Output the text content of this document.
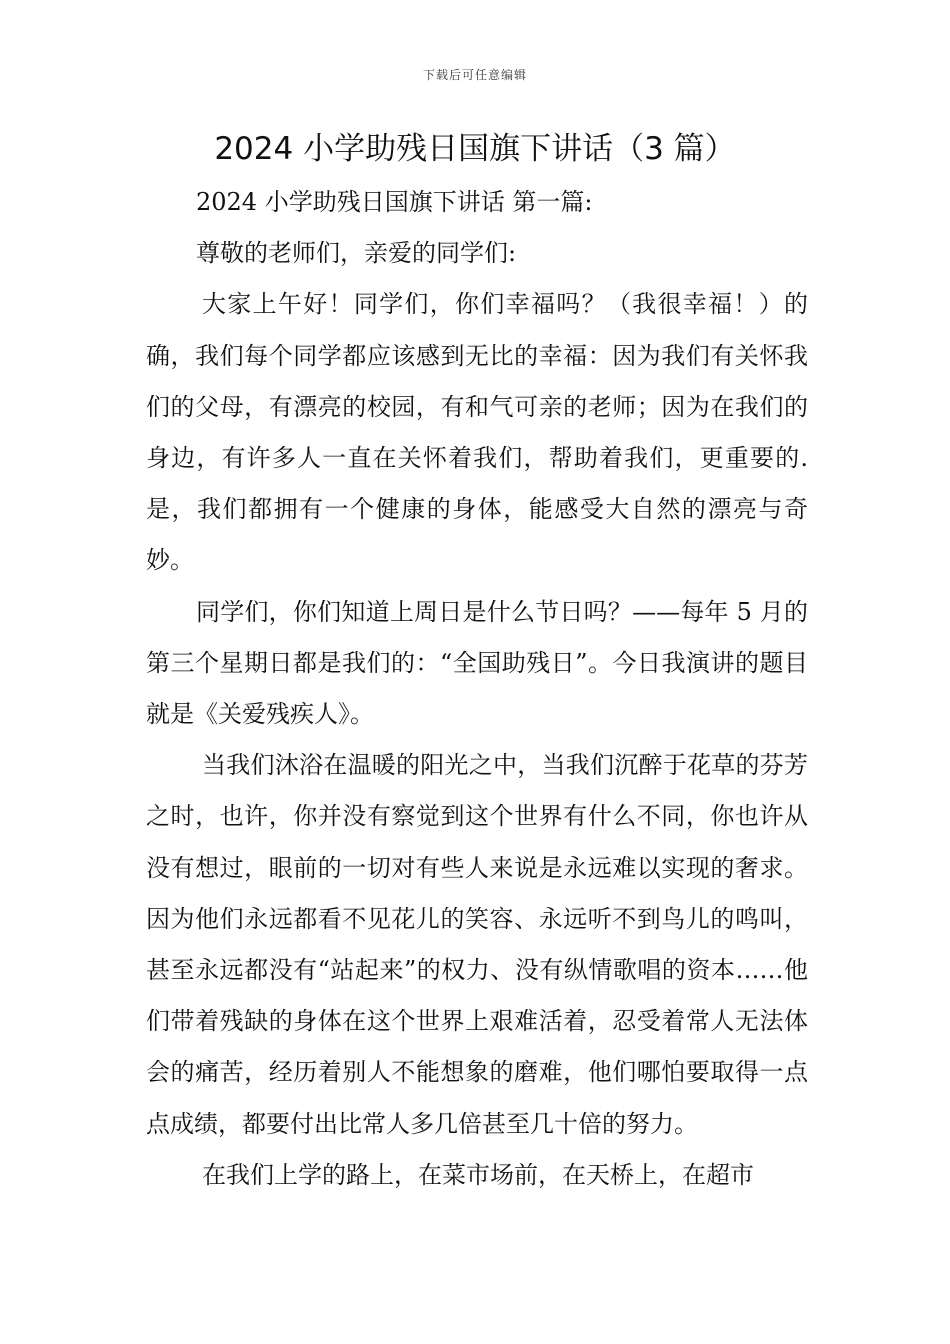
下载后可任意编辑
2024 小学助残日国旗下讲话（3 篇）

2024 小学助残日国旗下讲话 第一篇:

尊敬的老师们，亲爱的同学们:

大家上午好！同学们，你们幸福吗？（我很幸福！）的确，我们每个同学都应该感到无比的幸福：因为我们有关怀我们的父母，有漂亮的校园，有和气可亲的老师；因为在我们的身边，有许多人一直在关怀着我们，帮助着我们，更重要的.是，我们都拥有一个健康的身体，能感受大自然的漂亮与奇妙。

同学们，你们知道上周日是什么节日吗？——每年 5 月的第三个星期日都是我们的：“全国助残日”。今日我演讲的题目就是《关爱残疾人》。

当我们沐浴在温暖的阳光之中，当我们沉醉于花草的芬芳之时，也许，你并没有察觉到这个世界有什么不同，你也许从没有想过，眼前的一切对有些人来说是永远难以实现的奢求。因为他们永远都看不见花儿的笑容、永远听不到鸟儿的鸣叫，甚至永远都没有“站起来”的权力、没有纵情歌唱的资本……他们带着残缺的身体在这个世界上艰难活着，忍受着常人无法体会的痛苦，经历着别人不能想象的磨难，他们哪怕要取得一点点成绩，都要付出比常人多几倍甚至几十倍的努力。

在我们上学的路上，在菜市场前，在天桥上，在超市
